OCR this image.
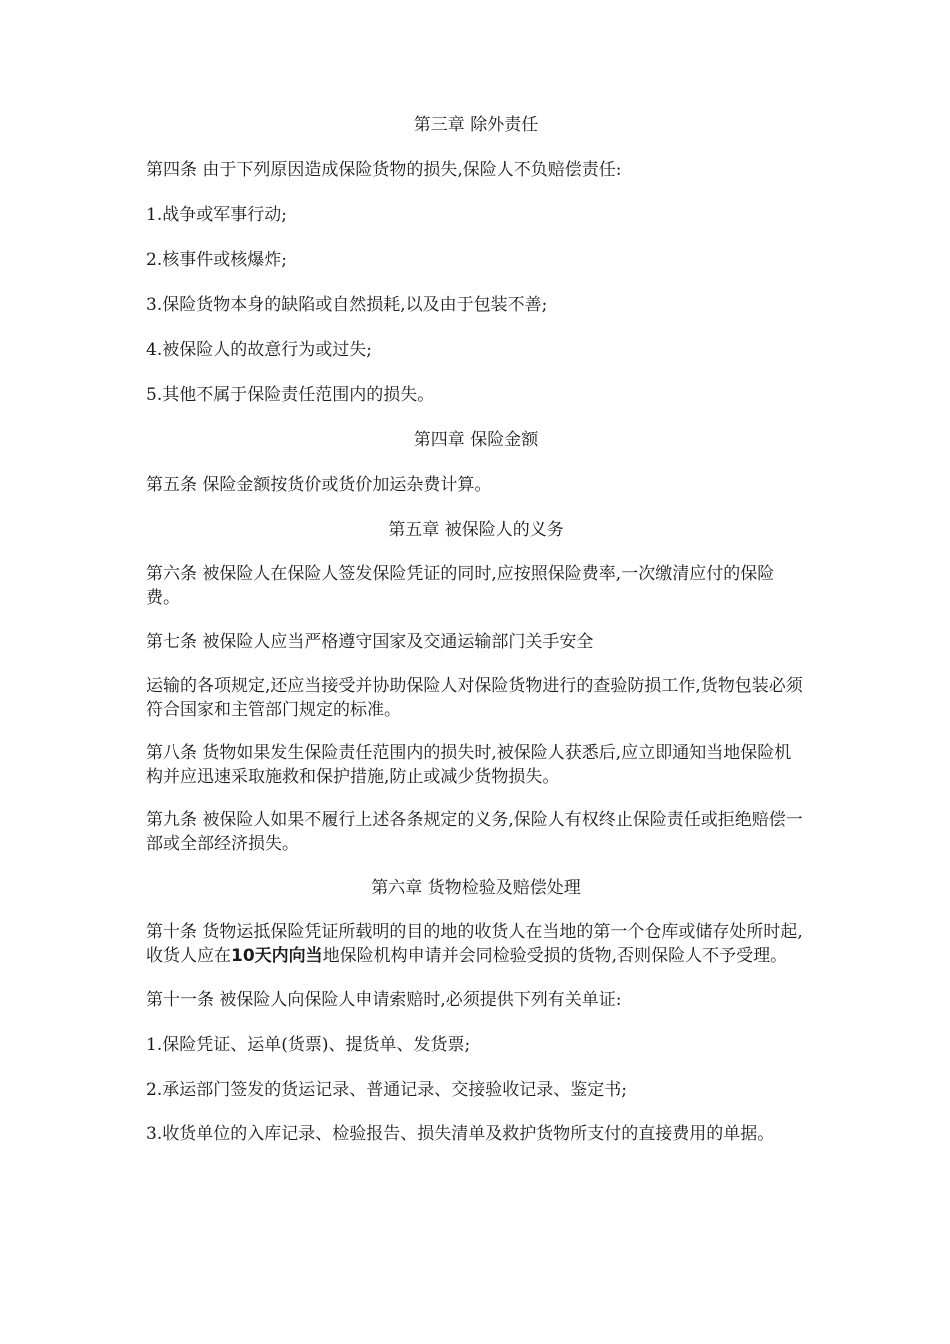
第三章 除外责任
第四条 由于下列原因造成保险货物的损失,保险人不负赔偿责任:
1.战争或军事行动;
2.核事件或核爆炸;
3.保险货物本身的缺陷或自然损耗,以及由于包装不善;
4.被保险人的故意行为或过失;
5.其他不属于保险责任范围内的损失。
第四章 保险金额
第五条 保险金额按货价或货价加运杂费计算。
第五章 被保险人的义务
第六条 被保险人在保险人签发保险凭证的同时,应按照保险费率,一次缴清应付的保险费。
第七条 被保险人应当严格遵守国家及交通运输部门关手安全
运输的各项规定,还应当接受并协助保险人对保险货物进行的查验防损工作,货物包装必须符合国家和主管部门规定的标准。
第八条 货物如果发生保险责任范围内的损失时,被保险人获悉后,应立即通知当地保险机构并应迅速采取施救和保护措施,防止或减少货物损失。
第九条 被保险人如果不履行上述各条规定的义务,保险人有权终止保险责任或拒绝赔偿一部或全部经济损失。
第六章 货物检验及赔偿处理
第十条 货物运抵保险凭证所载明的目的地的收货人在当地的第一个仓库或储存处所时起,收货人应在10天内向当地保险机构申请并会同检验受损的货物,否则保险人不予受理。
第十一条 被保险人向保险人申请索赔时,必须提供下列有关单证:
1.保险凭证、运单(货票)、提货单、发货票;
2.承运部门签发的货运记录、普通记录、交接验收记录、鉴定书;
3.收货单位的入库记录、检验报告、损失清单及救护货物所支付的直接费用的单据。
